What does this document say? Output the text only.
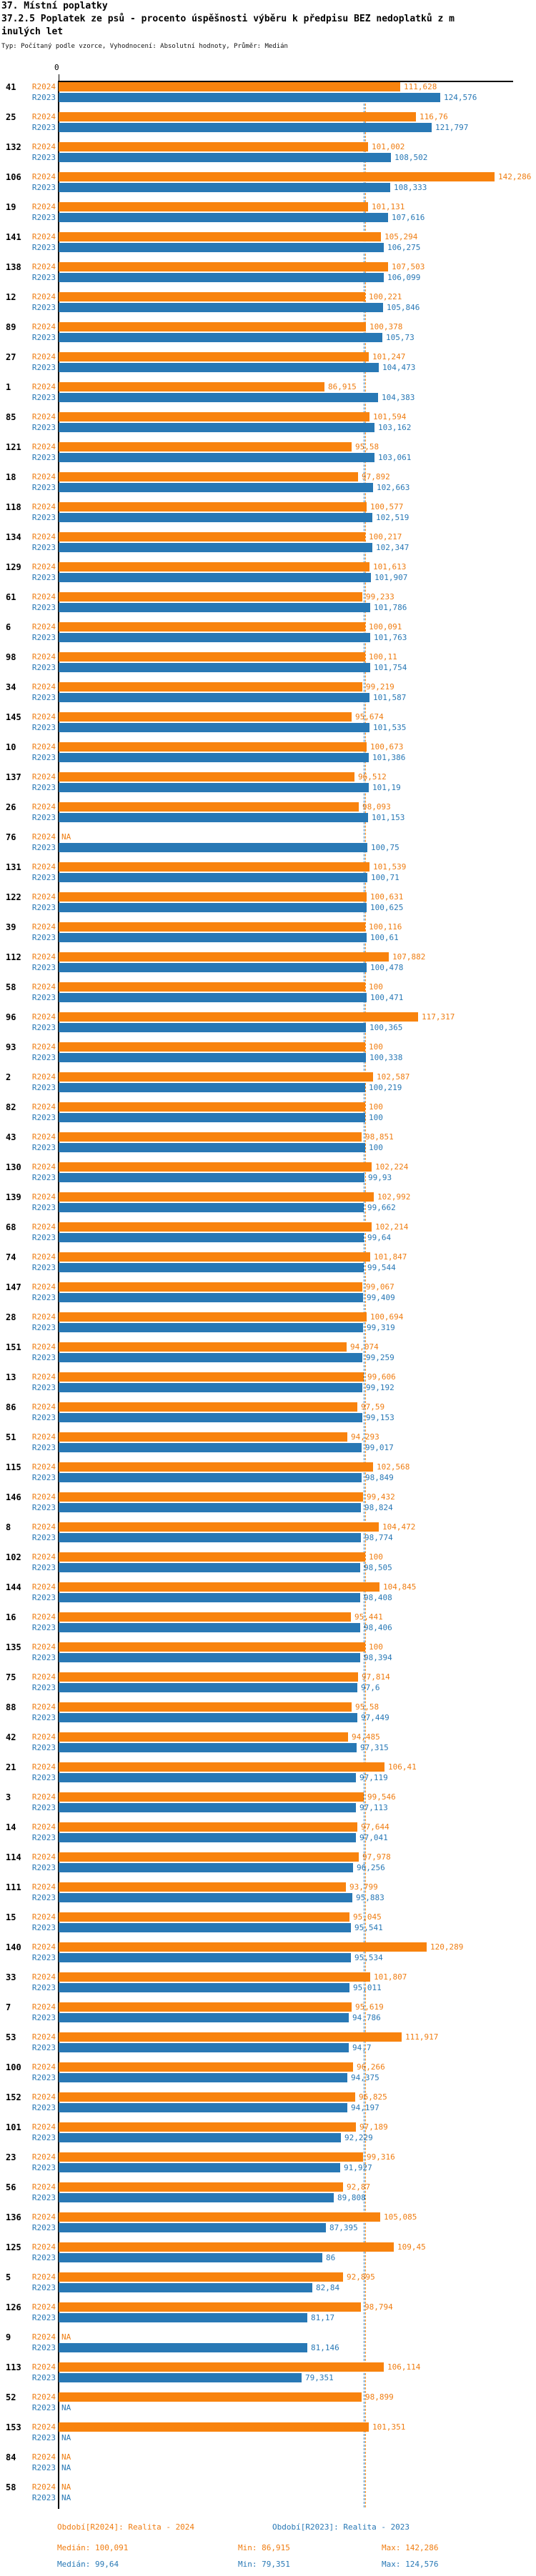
37. Místní poplatky
37.2.5 Poplatek ze psů - procento úspěšnosti výběru k předpisu BEZ nedoplatků z m
inulých let
Typ: Počítaný podle vzorce, Vyhodnocení: Absolutní hodnoty, Průměr: Medián
0
41	R2024	111,628
R2023	124,576
25	R2024	116,76
R2023	121,797
132	R2024	101,002
R2023	108,502
106	R2024	142,286
R2023	108,333
19	R2024	101,131
R2023	107,616
141	R2024	105,294
R2023	106,275
138	R2024	107,503
R2023	106,099
12	R2024	100,221
R2023	105,846
89	R2024	100,378
R2023	105,73
27	R2024	101,247
R2023	104,473
1	R2024	86,915
R2023	104,383
85	R2024	101,594
R2023	103,162
121	R2024	95,58
R2023	103,061
18	R2024	97,892
R2023	102,663
118	R2024	100,577
R2023	102,519
134	R2024	100,217
R2023	102,347
129	R2024	101,613
R2023	101,907
61	R2024	99,233
R2023	101,786
6	R2024	100,091
R2023	101,763
98	R2024	100,11
R2023	101,754
34	R2024	99,219
R2023	101,587
145	R2024	95,674
R2023	101,535
10	R2024	100,673
R2023	101,386
137	R2024	96,512
R2023	101,19
26	R2024	98,093
R2023	101,153
76	R2024 NA
R2023	100,75
131	R2024	101,539
R2023	100,71
122	R2024	100,631
R2023	100,625
39	R2024	100,116
R2023	100,61
112	R2024	107,882
R2023	100,478
58	R2024	100
R2023	100,471
96	R2024	117,317
R2023	100,365
93	R2024	100
R2023	100,338
2	R2024	102,587
R2023	100,219
82	R2024	100
R2023	100
43	R2024	98,851
R2023	100
130	R2024	102,224
R2023	99,93
139	R2024	102,992
R2023	99,662
68	R2024	102,214
R2023	99,64
74	R2024	101,847
R2023	99,544
147	R2024	99,067
R2023	99,409
28	R2024	100,694
R2023	99,319
151	R2024	94,074
R2023	99,259
13	R2024	99,606
R2023	99,192
86	R2024	97,59
R2023	99,153
51	R2024	94,293
R2023	99,017
115	R2024	102,568
R2023	98,849
146	R2024	99,432
R2023	98,824
8	R2024	104,472
R2023	98,774
102	R2024	100
R2023	98,505
144	R2024	104,845
R2023	98,408
16	R2024	95,441
R2023	98,406
135	R2024	100
R2023	98,394
75	R2024	97,814
R2023	97,6
88	R2024	95,58
R2023	97,449
42	R2024	94,485
R2023	97,315
21	R2024	106,41
R2023	97,119
3	R2024	99,546
R2023	97,113
14	R2024	97,644
R2023	97,041
114	R2024	97,978
R2023	96,256
111	R2024	93,799
R2023	95,883
15	R2024	95,045
R2023	95,541
140	R2024	120,289
R2023	95,534
33	R2024	101,807
R2023	95,011
7	R2024	95,619
R2023	94,786
53	R2024	111,917
R2023	94,7
100	R2024	96,266
R2023	94,375
152	R2024	96,825
R2023	94,197
101	R2024	97,189
R2023	92,229
23	R2024	99,316
R2023	91,927
56	R2024	92,87
R2023	89,808
136	R2024	105,085
R2023	87,395
125	R2024	109,45
R2023	86
5	R2024	92,895
R2023	82,84
126	R2024	98,794
R2023	81,17
9	R2024 NA
R2023	81,146
113	R2024	106,114
R2023	79,351
52	R2024	98,899
R2023 NA
153	R2024	101,351
R2023 NA
84	R2024 NA
R2023 NA
58	R2024 NA
R2023 NA
Období[R2024]: Realita - 2024	Období[R2023]: Realita - 2023
Medián: 100,091	Min: 86,915	Max: 142,286
Medián: 99,64	Min: 79,351	Max: 124,576
